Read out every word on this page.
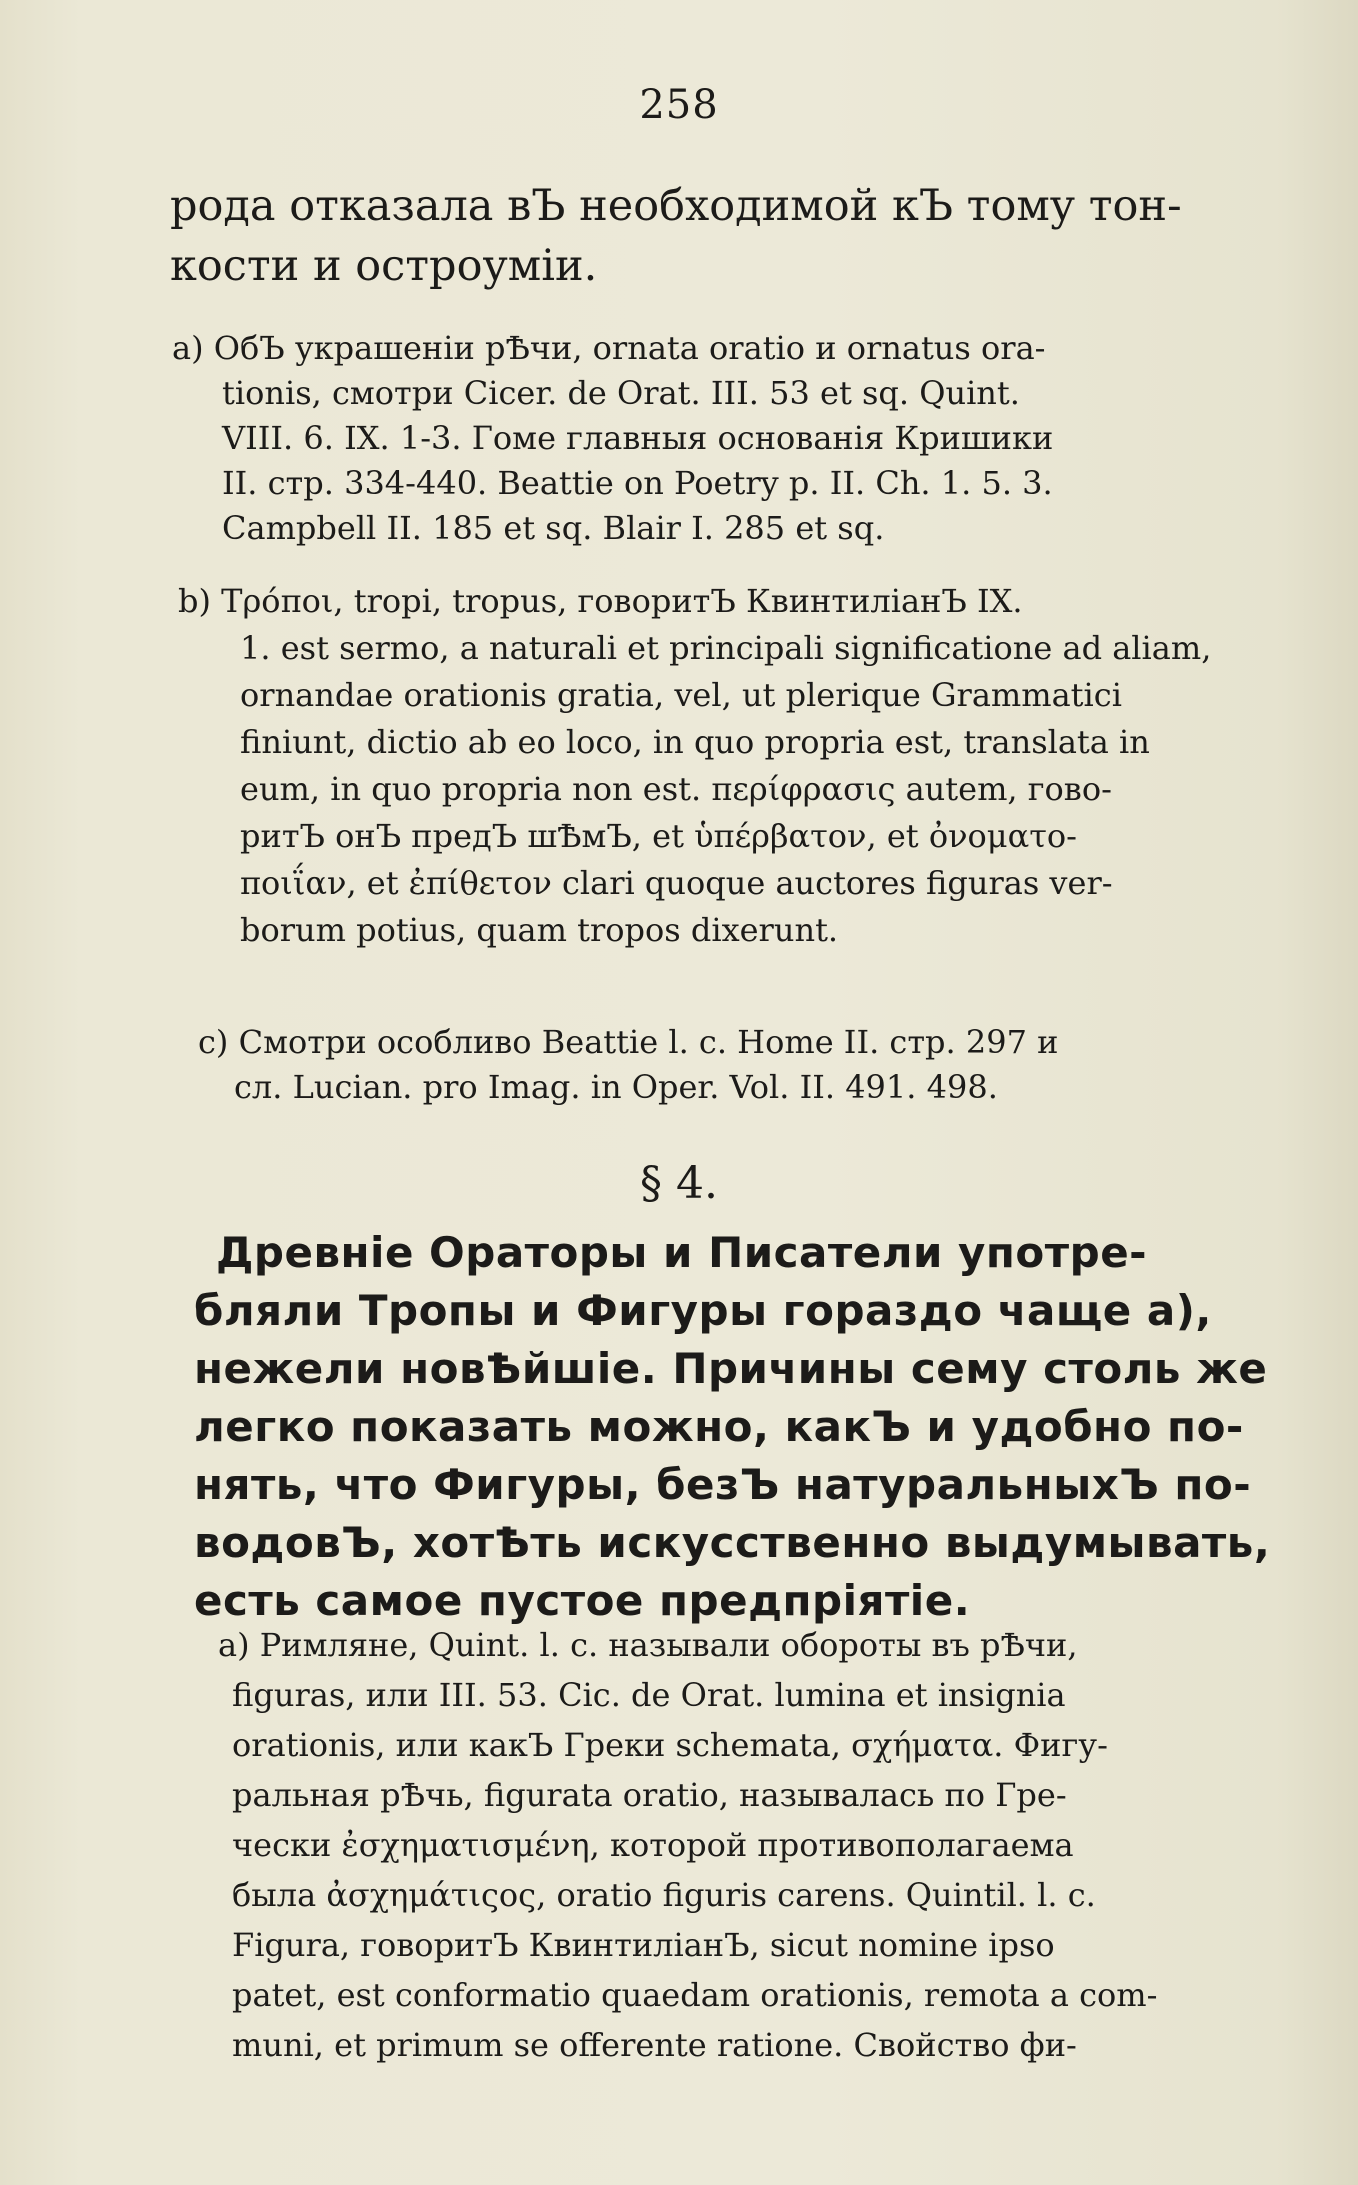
258
рода отказала вЪ необходимой кЪ тому тон-
кости и остроумiи.
a) ОбЪ украшенiи рѢчи, ornata oratio и ornatus ora-
tionis, смотри Cicer. de Orat. III. 53 et sq. Quint.
VIII. 6. IX. 1-3. Гоме главныя основанiя Кришики
II. стр. 334-440. Beattie on Poetry p. II. Ch. 1. 5. 3.
Campbell II. 185 et sq. Blair I. 285 et sq.
b) Τρόποι, tropi, tropus, говоритЪ КвинтилiанЪ IX.
1. est sermo, a naturali et principali significatione ad aliam,
ornandae orationis gratia, vel, ut plerique Grammatici
finiunt, dictio ab eo loco, in quo propria est, translata in
eum, in quo propria non est. περίφρασις autem, гово-
ритЪ онЪ предЪ шѢмЪ, et ὑπέρβατον, et ὀνοματο-
ποιΐαν, et ἐπίθετον clari quoque auctores figuras ver-
borum potius, quam tropos dixerunt.
c) Смотри особливо Beattie l. c. Home II. стр. 297 и
сл. Lucian. pro Imag. in Oper. Vol. II. 491. 498.
§ 4.
Древнiе Ораторы и Писатели употре-
бляли Тропы и Фигуры гораздо чаще a),
нежели новѢйшiе. Причины сему столь же
легко показать можно, какЪ и удобно по-
нять, что Фигуры, безЪ натуральныхЪ по-
водовЪ, хотѢть искусственно выдумывать,
есть самое пустое предпрiятiе.
a) Римляне, Quint. l. c. называли обороты въ рѢчи,
figuras, или III. 53. Cic. de Orat. lumina et insignia
orationis, или какЪ Греки schemata, σχήματα. Фигу-
ральная рѢчь, figurata oratio, называлась по Гре-
чески ἐσχηματισμένη, которой противополагаема
была ἀσχημάτιςος, oratio figuris carens. Quintil. l. c.
Figura, говоритЪ КвинтилiанЪ, sicut nomine ipso
patet, est conformatio quaedam orationis, remota a com-
muni, et primum se offerente ratione. Свойство фи-
